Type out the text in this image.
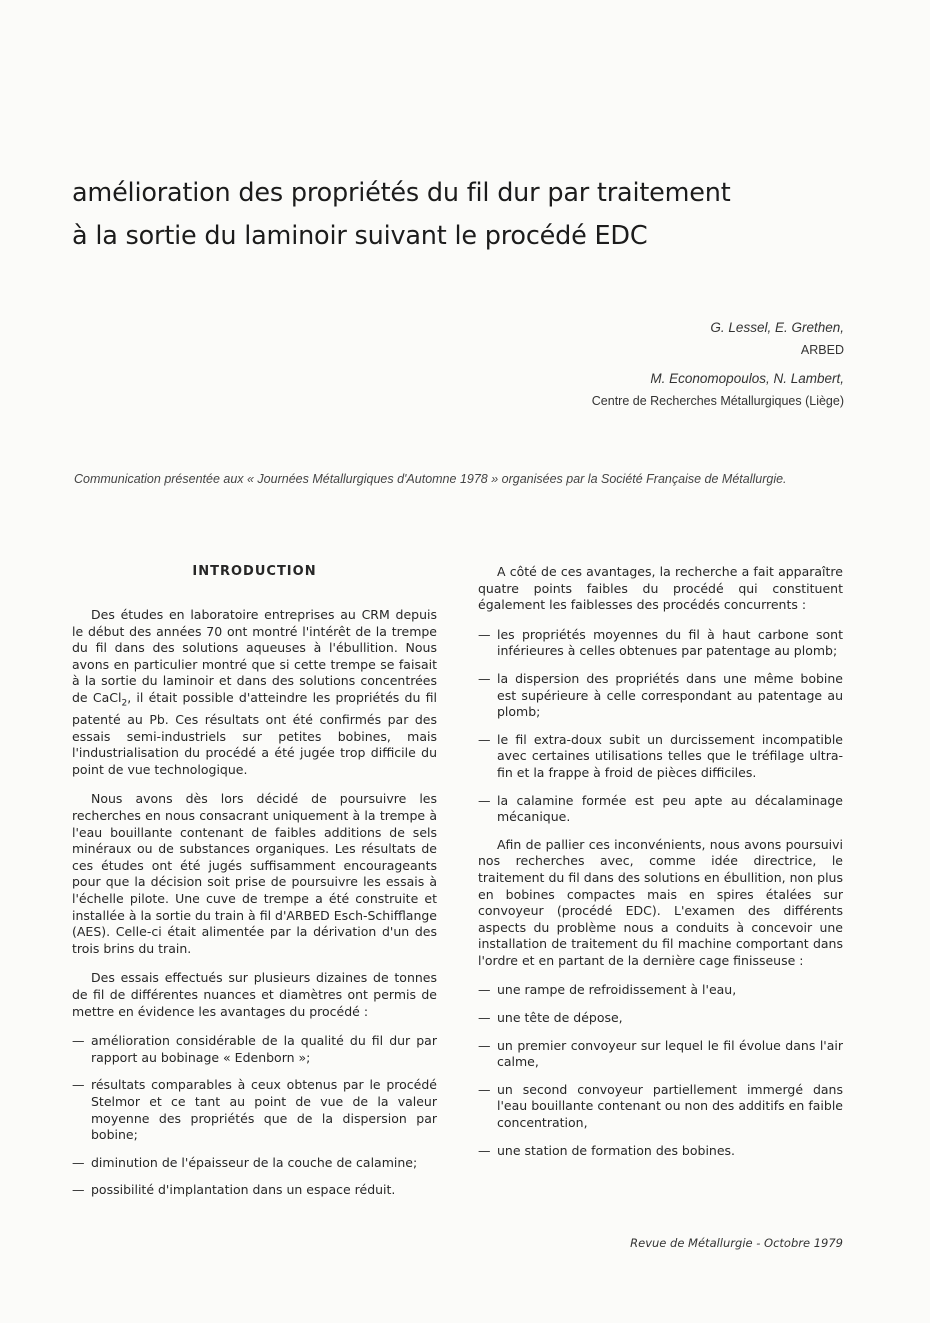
amélioration des propriétés du fil dur par traitement
à la sortie du laminoir suivant le procédé EDC
G. Lessel, E. Grethen,
ARBED
M. Economopoulos, N. Lambert,
Centre de Recherches Métallurgiques (Liège)
Communication présentée aux « Journées Métallurgiques d'Automne 1978 » organisées par la Société Française de Métallurgie.
INTRODUCTION

Des études en laboratoire entreprises au CRM depuis le début des années 70 ont montré l'intérêt de la trempe du fil dans des solutions aqueuses à l'ébullition. Nous avons en particulier montré que si cette trempe se faisait à la sortie du laminoir et dans des solutions concentrées de CaCl$_2$, il était possible d'atteindre les propriétés du fil patenté au Pb. Ces résultats ont été confirmés par des essais semi-industriels sur petites bobines, mais l'industrialisation du procédé a été jugée trop difficile du point de vue technologique.

Nous avons dès lors décidé de poursuivre les recherches en nous consacrant uniquement à la trempe à l'eau bouillante contenant de faibles additions de sels minéraux ou de substances organiques. Les résultats de ces études ont été jugés suffisamment encourageants pour que la décision soit prise de poursuivre les essais à l'échelle pilote. Une cuve de trempe a été construite et installée à la sortie du train à fil d'ARBED Esch-Schifflange (AES). Celle-ci était alimentée par la dérivation d'un des trois brins du train.

Des essais effectués sur plusieurs dizaines de tonnes de fil de différentes nuances et diamètres ont permis de mettre en évidence les avantages du procédé :

— amélioration considérable de la qualité du fil dur par rapport au bobinage « Edenborn »;
— résultats comparables à ceux obtenus par le procédé Stelmor et ce tant au point de vue de la valeur moyenne des propriétés que de la dispersion par bobine;
— diminution de l'épaisseur de la couche de calamine;
— possibilité d'implantation dans un espace réduit.

A côté de ces avantages, la recherche a fait apparaître quatre points faibles du procédé qui constituent également les faiblesses des procédés concurrents :

— les propriétés moyennes du fil à haut carbone sont inférieures à celles obtenues par patentage au plomb;
— la dispersion des propriétés dans une même bobine est supérieure à celle correspondant au patentage au plomb;
— le fil extra-doux subit un durcissement incompatible avec certaines utilisations telles que le tréfilage ultra-fin et la frappe à froid de pièces difficiles.
— la calamine formée est peu apte au décalaminage mécanique.

Afin de pallier ces inconvénients, nous avons poursuivi nos recherches avec, comme idée directrice, le traitement du fil dans des solutions en ébullition, non plus en bobines compactes mais en spires étalées sur convoyeur (procédé EDC). L'examen des différents aspects du problème nous a conduits à concevoir une installation de traitement du fil machine comportant dans l'ordre et en partant de la dernière cage finisseuse :

— une rampe de refroidissement à l'eau,
— une tête de dépose,
— un premier convoyeur sur lequel le fil évolue dans l'air calme,
— un second convoyeur partiellement immergé dans l'eau bouillante contenant ou non des additifs en faible concentration,
— une station de formation des bobines.
Revue de Métallurgie - Octobre 1979
